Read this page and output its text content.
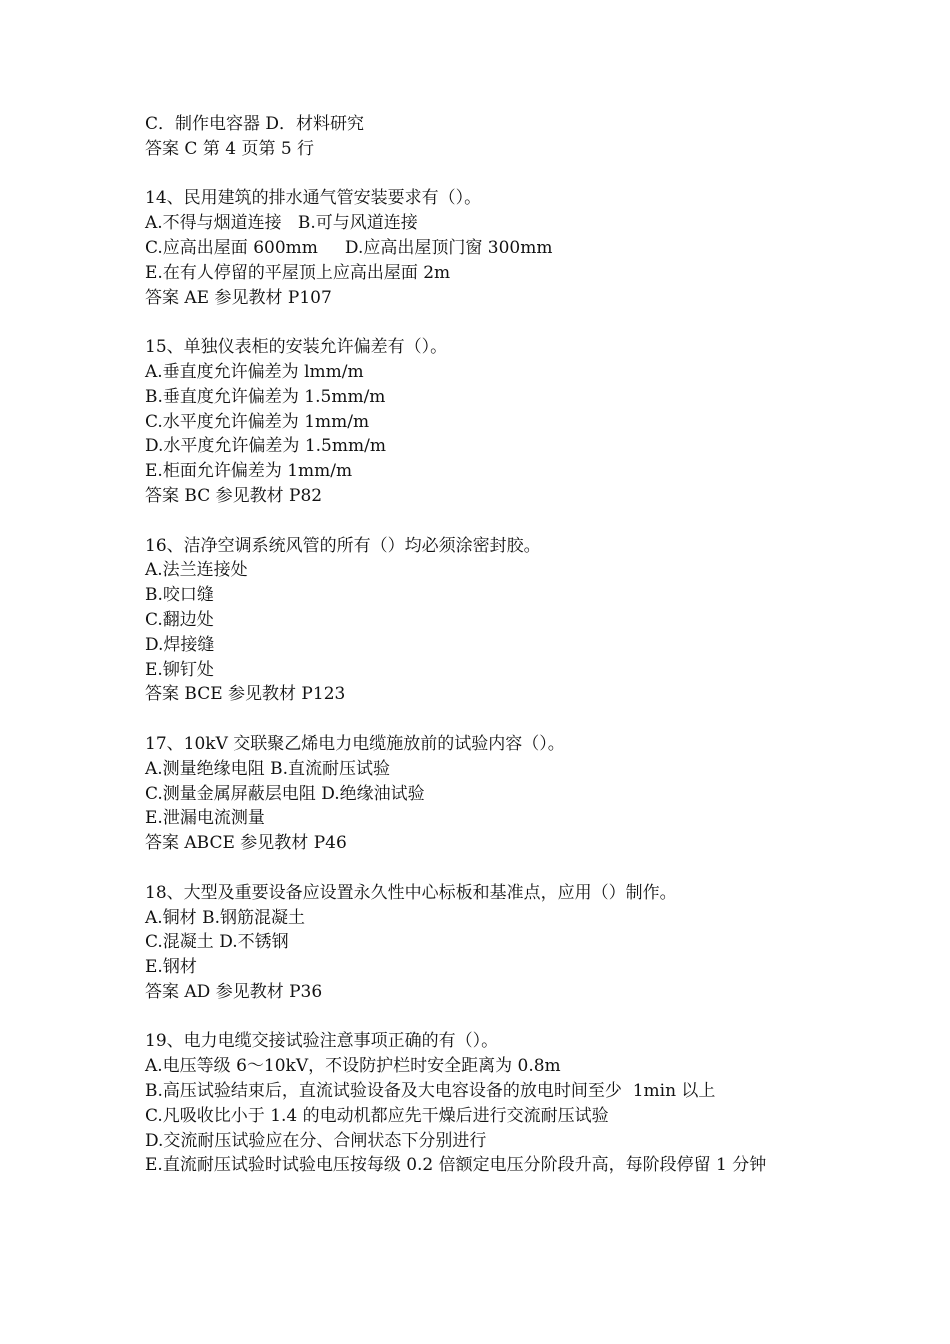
C．制作电容器 D．材料研究
答案 C 第 4 页第 5 行
14、民用建筑的排水通气管安装要求有（）。
A.不得与烟道连接   B.可与风道连接
C.应高出屋面 600mm     D.应高出屋顶门窗 300mm
E.在有人停留的平屋顶上应高出屋面 2m
答案 AE 参见教材 P107
15、单独仪表柜的安装允许偏差有（）。
A.垂直度允许偏差为 lmm/m
B.垂直度允许偏差为 1.5mm/m
C.水平度允许偏差为 1mm/m
D.水平度允许偏差为 1.5mm/m
E.柜面允许偏差为 1mm/m
答案 BC 参见教材 P82
16、洁净空调系统风管的所有（）均必须涂密封胶。
A.法兰连接处
B.咬口缝
C.翻边处
D.焊接缝
E.铆钉处
答案 BCE 参见教材 P123
17、10kV 交联聚乙烯电力电缆施放前的试验内容（）。
A.测量绝缘电阻 B.直流耐压试验
C.测量金属屏蔽层电阻 D.绝缘油试验
E.泄漏电流测量
答案 ABCE 参见教材 P46
18、大型及重要设备应设置永久性中心标板和基准点，应用（）制作。
A.铜材 B.钢筋混凝土
C.混凝土 D.不锈钢
E.钢材
答案 AD 参见教材 P36
19、电力电缆交接试验注意事项正确的有（）。
A.电压等级 6～10kV，不设防护栏时安全距离为 0.8m
B.高压试验结束后，直流试验设备及大电容设备的放电时间至少  1min 以上
C.凡吸收比小于 1.4 的电动机都应先干燥后进行交流耐压试验
D.交流耐压试验应在分、合闸状态下分别进行
E.直流耐压试验时试验电压按每级 0.2 倍额定电压分阶段升高，每阶段停留 1 分钟
